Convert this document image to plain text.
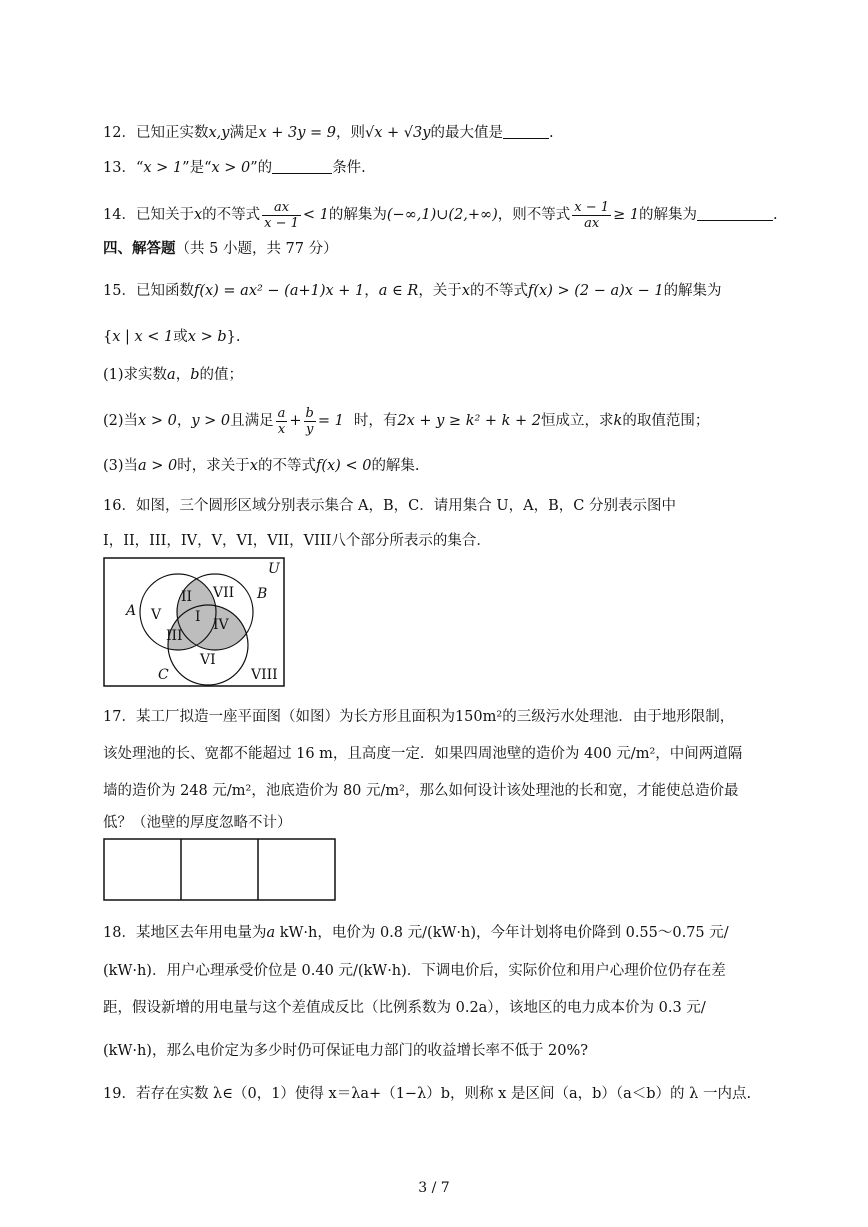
12．已知正实数x,y满足x + 3y = 9，则√x + √3y的最大值是	.
13．“x > 1”是“x > 0”的	条件.
14．已知关于x的不等式 $\frac{ax}{x - 1} < 1$的解集为(−∞,1)∪(2,+∞)，则不等式 $\frac{x - 1}{ax} \ge 1$的解集为	.
四、解答题（共 5 小题，共 77 分）
15．已知函数f(x) = ax² − (a+1)x + 1，a ∈ R，关于x的不等式f(x) > (2 − a)x − 1的解集为
{x | x < 1或x > b}.
(1)求实数a，b的值；
(2)当x > 0，y > 0且满足 $\frac{a}{x} + \frac{b}{y} = 1$ 时，有2x + y ≥ k² + k + 2恒成立，求k的取值范围；
(3)当a > 0时，求关于x的不等式f(x) < 0的解集.
16．如图，三个圆形区域分别表示集合 A，B，C．请用集合 U，A，B，C 分别表示图中
I，II，III，IV，V，VI，VII，VIII八个部分所表示的集合．
U
A
B
C
I
II
III
IV
V
VI
VII
VIII
17．某工厂拟造一座平面图（如图）为长方形且面积为150m²的三级污水处理池．由于地形限制，
该处理池的长、宽都不能超过 16 m，且高度一定．如果四周池壁的造价为 400 元/m²，中间两道隔
墙的造价为 248 元/m²，池底造价为 80 元/m²，那么如何设计该处理池的长和宽，才能使总造价最
低？（池壁的厚度忽略不计）
18．某地区去年用电量为a kW·h，电价为 0.8 元/(kW·h)，今年计划将电价降到 0.55～0.75 元/
(kW·h)．用户心理承受价位是 0.40 元/(kW·h)．下调电价后，实际价位和用户心理价位仍存在差
距，假设新增的用电量与这个差值成反比（比例系数为 0.2a），该地区的电力成本价为 0.3 元/
(kW·h)，那么电价定为多少时仍可保证电力部门的收益增长率不低于 20%?
19．若存在实数 λ∈（0，1）使得 x＝λa+（1−λ）b，则称 x 是区间（a，b）（a＜b）的 λ 一内点.
3 / 7
